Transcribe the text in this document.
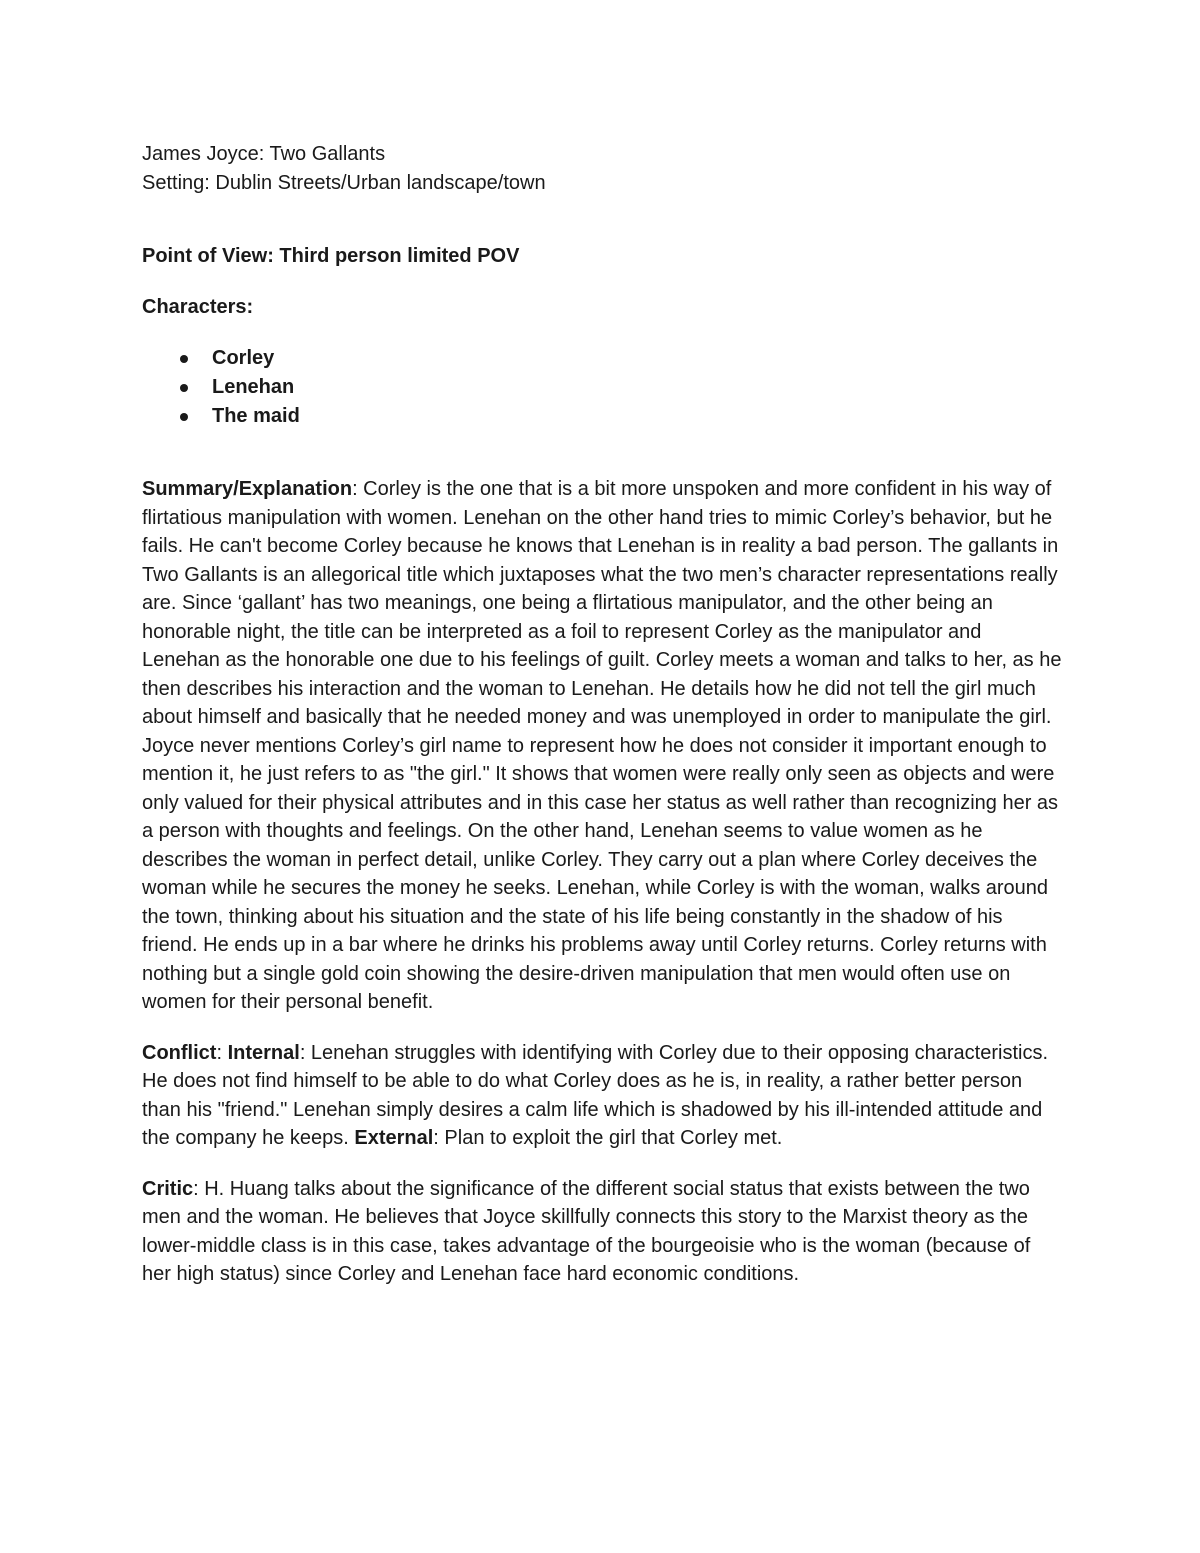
James Joyce: Two Gallants

Setting: Dublin Streets/Urban landscape/town

Point of View: Third person limited POV

Characters:

Corley
Lenehan
The maid

Summary/Explanation: Corley is the one that is a bit more unspoken and more confident in his way of flirtatious manipulation with women. Lenehan on the other hand tries to mimic Corley’s behavior, but he fails. He can't become Corley because he knows that Lenehan is in reality a bad person. The gallants in Two Gallants is an allegorical title which juxtaposes what the two men’s character representations really are. Since ‘gallant’ has two meanings, one being a flirtatious manipulator, and the other being an honorable night, the title can be interpreted as a foil to represent Corley as the manipulator and Lenehan as the honorable one due to his feelings of guilt. Corley meets a woman and talks to her, as he then describes his interaction and the woman to Lenehan. He details how he did not tell the girl much about himself and basically that he needed money and was unemployed in order to manipulate the girl. Joyce never mentions Corley’s girl name to represent how he does not consider it important enough to mention it, he just refers to as "the girl." It shows that women were really only seen as objects and were only valued for their physical attributes and in this case her status as well rather than recognizing her as a person with thoughts and feelings. On the other hand, Lenehan seems to value women as he describes the woman in perfect detail, unlike Corley. They carry out a plan where Corley deceives the woman while he secures the money he seeks. Lenehan, while Corley is with the woman, walks around the town, thinking about his situation and the state of his life being constantly in the shadow of his friend. He ends up in a bar where he drinks his problems away until Corley returns. Corley returns with nothing but a single gold coin showing the desire-driven manipulation that men would often use on women for their personal benefit.

Conflict: Internal: Lenehan struggles with identifying with Corley due to their opposing characteristics. He does not find himself to be able to do what Corley does as he is, in reality, a rather better person than his "friend." Lenehan simply desires a calm life which is shadowed by his ill-intended attitude and the company he keeps. External: Plan to exploit the girl that Corley met.

Critic: H. Huang talks about the significance of the different social status that exists between the two men and the woman. He believes that Joyce skillfully connects this story to the Marxist theory as the lower-middle class is in this case, takes advantage of the bourgeoisie who is the woman (because of her high status) since Corley and Lenehan face hard economic conditions.
